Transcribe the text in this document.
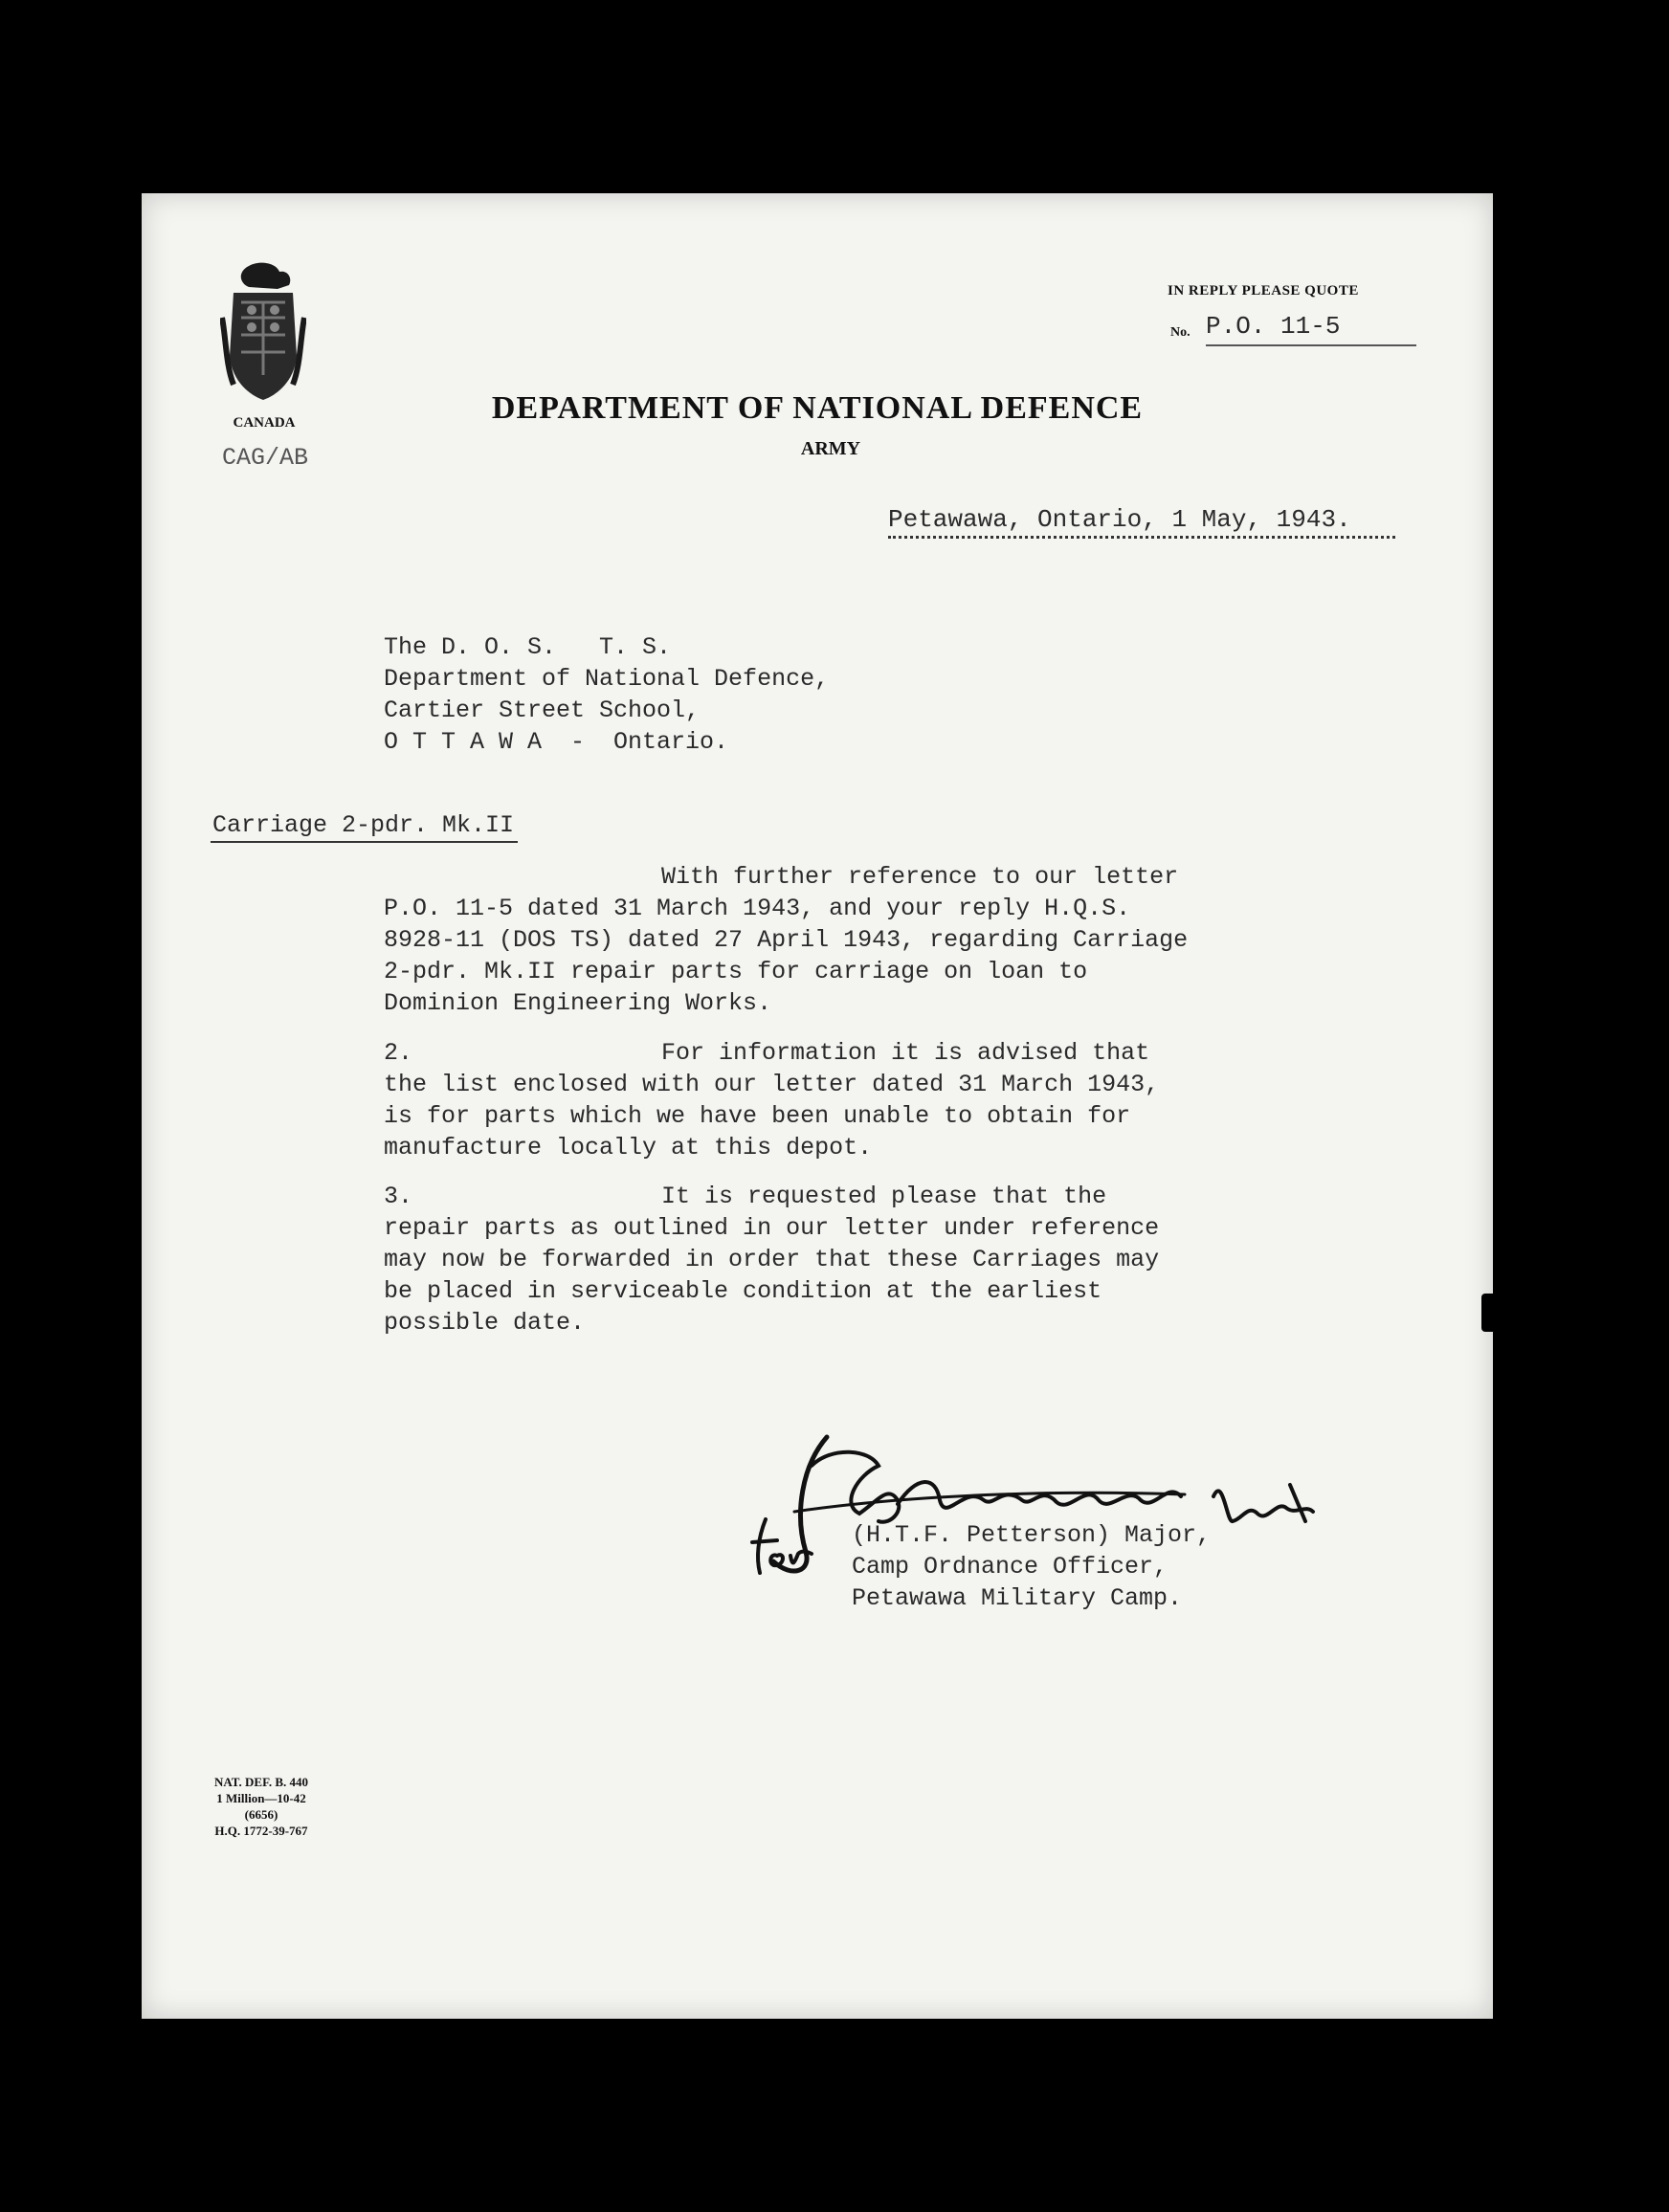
CANADA
CAG/AB
IN REPLY PLEASE QUOTE
No. P.O. 11-5
DEPARTMENT OF NATIONAL DEFENCE
ARMY
Petawawa, Ontario, 1 May, 1943.
The D. O. S.   T. S.
Department of National Defence,
Cartier Street School,
O T T A W A  -  Ontario.
Carriage 2-pdr. Mk.II
With further reference to our letter
P.O. 11-5 dated 31 March 1943, and your reply H.Q.S.
8928-11 (DOS TS) dated 27 April 1943, regarding Carriage
2-pdr. Mk.II repair parts for carriage on loan to
Dominion Engineering Works.
2.	For information it is advised that
the list enclosed with our letter dated 31 March 1943,
is for parts which we have been unable to obtain for
manufacture locally at this depot.
3.	It is requested please that the
repair parts as outlined in our letter under reference
may now be forwarded in order that these Carriages may
be placed in serviceable condition at the earliest
possible date.
(H.T.F. Petterson) Major,
Camp Ordnance Officer,
Petawawa Military Camp.
NAT. DEF. B. 440
1 Million—10-42 (6656)
H.Q. 1772-39-767
